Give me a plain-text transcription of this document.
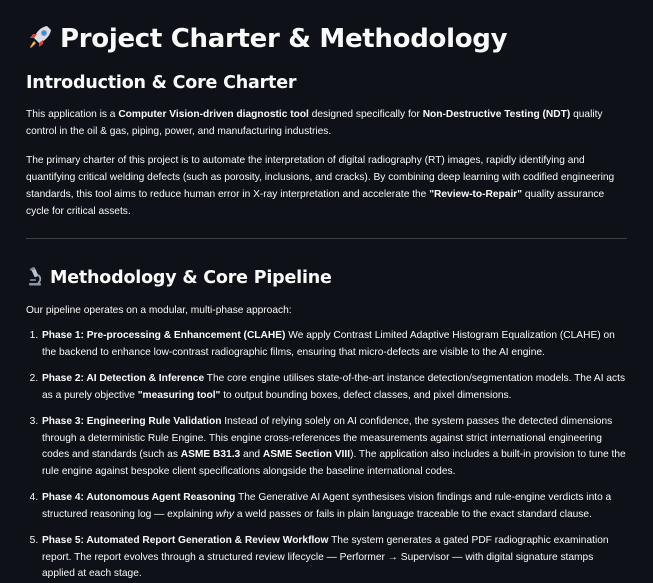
Project Charter & Methodology
Introduction & Core Charter

This application is a Computer Vision-driven diagnostic tool designed specifically for Non-Destructive Testing (NDT) quality control in the oil & gas, piping, power, and manufacturing industries.

The primary charter of this project is to automate the interpretation of digital radiography (RT) images, rapidly identifying and quantifying critical welding defects (such as porosity, inclusions, and cracks). By combining deep learning with codified engineering standards, this tool aims to reduce human error in X-ray interpretation and accelerate the "Review-to-Repair" quality assurance cycle for critical assets.

Methodology & Core Pipeline

Our pipeline operates on a modular, multi-phase approach:

1. Phase 1: Pre-processing & Enhancement (CLAHE) We apply Contrast Limited Adaptive Histogram Equalization (CLAHE) on the backend to enhance low-contrast radiographic films, ensuring that micro-defects are visible to the AI engine.
2. Phase 2: AI Detection & Inference The core engine utilises state-of-the-art instance detection/segmentation models. The AI acts as a purely objective "measuring tool" to output bounding boxes, defect classes, and pixel dimensions.
3. Phase 3: Engineering Rule Validation Instead of relying solely on AI confidence, the system passes the detected dimensions through a deterministic Rule Engine. This engine cross-references the measurements against strict international engineering codes and standards (such as ASME B31.3 and ASME Section VIII). The application also includes a built-in provision to tune the rule engine against bespoke client specifications alongside the baseline international codes.
4. Phase 4: Autonomous Agent Reasoning The Generative AI Agent synthesises vision findings and rule-engine verdicts into a structured reasoning log — explaining why a weld passes or fails in plain language traceable to the exact standard clause.
5. Phase 5: Automated Report Generation & Review Workflow The system generates a gated PDF radiographic examination report. The report evolves through a structured review lifecycle — Performer → Supervisor — with digital signature stamps applied at each stage.
